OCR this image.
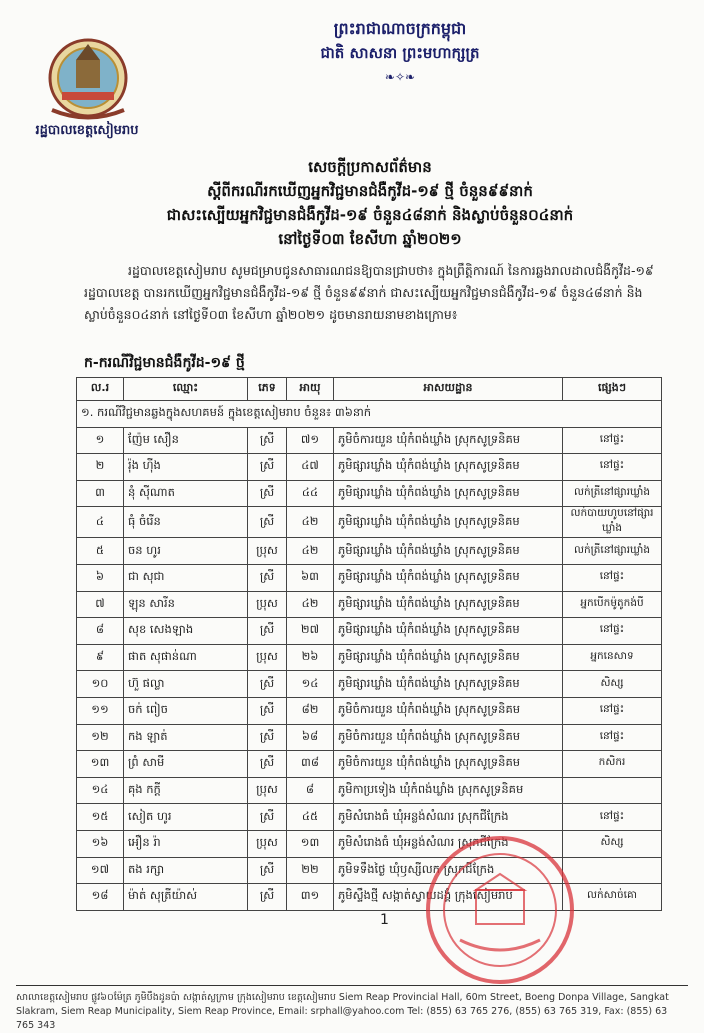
រដ្ឋបាលខេត្តសៀមរាប
ព្រះរាជាណាចក្រកម្ពុជា
ជាតិ សាសនា ព្រះមហាក្សត្រ
❧✧❧
សេចក្តីប្រកាសព័ត៌មាន
ស្តីពីករណីរកឃើញអ្នកវិជ្ជមានជំងឺកូវីដ-១៩ ថ្មី ចំនួន៩៩នាក់
ជាសះស្បើយអ្នកវិជ្ជមានជំងឺកូវីដ-១៩ ចំនួន៤៨នាក់ និងស្លាប់ចំនួន០៤នាក់
នៅថ្ងៃទី០៣ ខែសីហា ឆ្នាំ២០២១

រដ្ឋបាលខេត្តសៀមរាប សូមជម្រាបជូនសាធារណជនឱ្យបានជ្រាបថា៖ ក្នុងព្រឹត្តិការណ៍ នៃការឆ្លងរាលដាលជំងឺកូវីដ-១៩ រដ្ឋបាលខេត្ត បានរកឃើញអ្នកវិជ្ជមានជំងឺកូវីដ-១៩ ថ្មី ចំនួន៩៩នាក់ ជាសះស្បើយអ្នកវិជ្ជមានជំងឺកូវីដ-១៩ ចំនួន៤៨នាក់ និងស្លាប់ចំនួន០៤នាក់ នៅថ្ងៃទី០៣ ខែសីហា ឆ្នាំ២០២១ ដូចមានរាយនាមខាងក្រោម៖

ក-ករណីវិជ្ជមានជំងឺកូវីដ-១៩ ថ្មី
ល.រ	ឈ្មោះ	ភេទ	អាយុ	អាសយដ្ឋាន	ផ្សេងៗ
១. ករណីវិជ្ជមានឆ្លងក្នុងសហគមន៍ ក្នុងខេត្តសៀមរាប ចំនួន៖ ៣៦នាក់					
១	ញ៉ែម សឿន	ស្រី	៧១	ភូមិចំការយួន ឃុំកំពង់ឃ្លាំង ស្រុកសូទ្រនិគម	នៅផ្ទះ
២	រ៉ុង ហ៊ីង	ស្រី	៤៧	ភូមិផ្សារឃ្លាំង ឃុំកំពង់ឃ្លាំង ស្រុកសូទ្រនិគម	នៅផ្ទះ
៣	នុំ ស៊ីណាត	ស្រី	៤៤	ភូមិផ្សារឃ្លាំង ឃុំកំពង់ឃ្លាំង ស្រុកសូទ្រនិគម	លក់ត្រីនៅផ្សារឃ្លាំង
៤	ធុំ ចំរើន	ស្រី	៤២	ភូមិផ្សារឃ្លាំង ឃុំកំពង់ឃ្លាំង ស្រុកសូទ្រនិគម	លក់បាយហូបនៅផ្សារឃ្លាំង
៥	ចន ហូរ	ប្រុស	៤២	ភូមិផ្សារឃ្លាំង ឃុំកំពង់ឃ្លាំង ស្រុកសូទ្រនិគម	លក់ត្រីនៅផ្សារឃ្លាំង
៦	ជា សុជា	ស្រី	៦៣	ភូមិផ្សារឃ្លាំង ឃុំកំពង់ឃ្លាំង ស្រុកសូទ្រនិគម	នៅផ្ទះ
៧	ឡុន សារីន	ប្រុស	៤២	ភូមិផ្សារឃ្លាំង ឃុំកំពង់ឃ្លាំង ស្រុកសូទ្រនិគម	អ្នកបើកម៉ូតូកង់បី
៨	សុខ សេងឡាង	ស្រី	២៧	ភូមិផ្សារឃ្លាំង ឃុំកំពង់ឃ្លាំង ស្រុកសូទ្រនិគម	នៅផ្ទះ
៩	ផាត សុផាន់ណា	ប្រុស	២៦	ភូមិផ្សារឃ្លាំង ឃុំកំពង់ឃ្លាំង ស្រុកសូទ្រនិគម	អ្នកនេសាទ
១០	ហ៊ួ ផល្លា	ស្រី	១៤	ភូមិផ្សារឃ្លាំង ឃុំកំពង់ឃ្លាំង ស្រុកសូទ្រនិគម	សិស្ស
១១	ចក់ ពៀច	ស្រី	៨២	ភូមិចំការយួន ឃុំកំពង់ឃ្លាំង ស្រុកសូទ្រនិគម	នៅផ្ទះ
១២	កង ឡាត់	ស្រី	៦៨	ភូមិចំការយួន ឃុំកំពង់ឃ្លាំង ស្រុកសូទ្រនិគម	នៅផ្ទះ
១៣	ព្រំ សាមី	ស្រី	៣៨	ភូមិចំការយួន ឃុំកំពង់ឃ្លាំង ស្រុកសូទ្រនិគម	កសិករ
១៤	គុង កក្តី	ប្រុស	៨	ភូមិកាប្រទៀង ឃុំកំពង់ឃ្លាំង ស្រុកសូទ្រនិគម	
១៥	សៀត ហូរ	ស្រី	៤៥	ភូមិសំរោងធំ ឃុំអន្លង់សំណរ ស្រុកជីក្រែង	នៅផ្ទះ
១៦	អឿន រ៉ា	ប្រុស	១៣	ភូមិសំរោងធំ ឃុំអន្លង់សំណរ ស្រុកជីក្រែង	សិស្ស
១៧	តង រក្សា	ស្រី	២២	ភូមិទទឹងថ្ងៃ ឃុំឫស្សីលក ស្រុកជីក្រែង	
១៨	ម៉ាត់ សុត្រីយ៉ាស់	ស្រី	៣១	ភូមិស្ទឹងថ្មី សង្កាត់ស្វាយដង្គំ ក្រុងសៀមរាប	លក់សាច់គោ
1
សាលាខេត្តសៀមរាប ផ្លូវ៦០ម៉ែត្រ ភូមិបឹងដូនប៉ា សង្កាត់ស្លក្រាម ក្រុងសៀមរាប ខេត្តសៀមរាប Siem Reap Provincial Hall, 60m Street, Boeng Donpa Village, Sangkat Slakram, Siem Reap Municipality, Siem Reap Province, Email: srphall@yahoo.com Tel: (855) 63 765 276, (855) 63 765 319, Fax: (855) 63 765 343
